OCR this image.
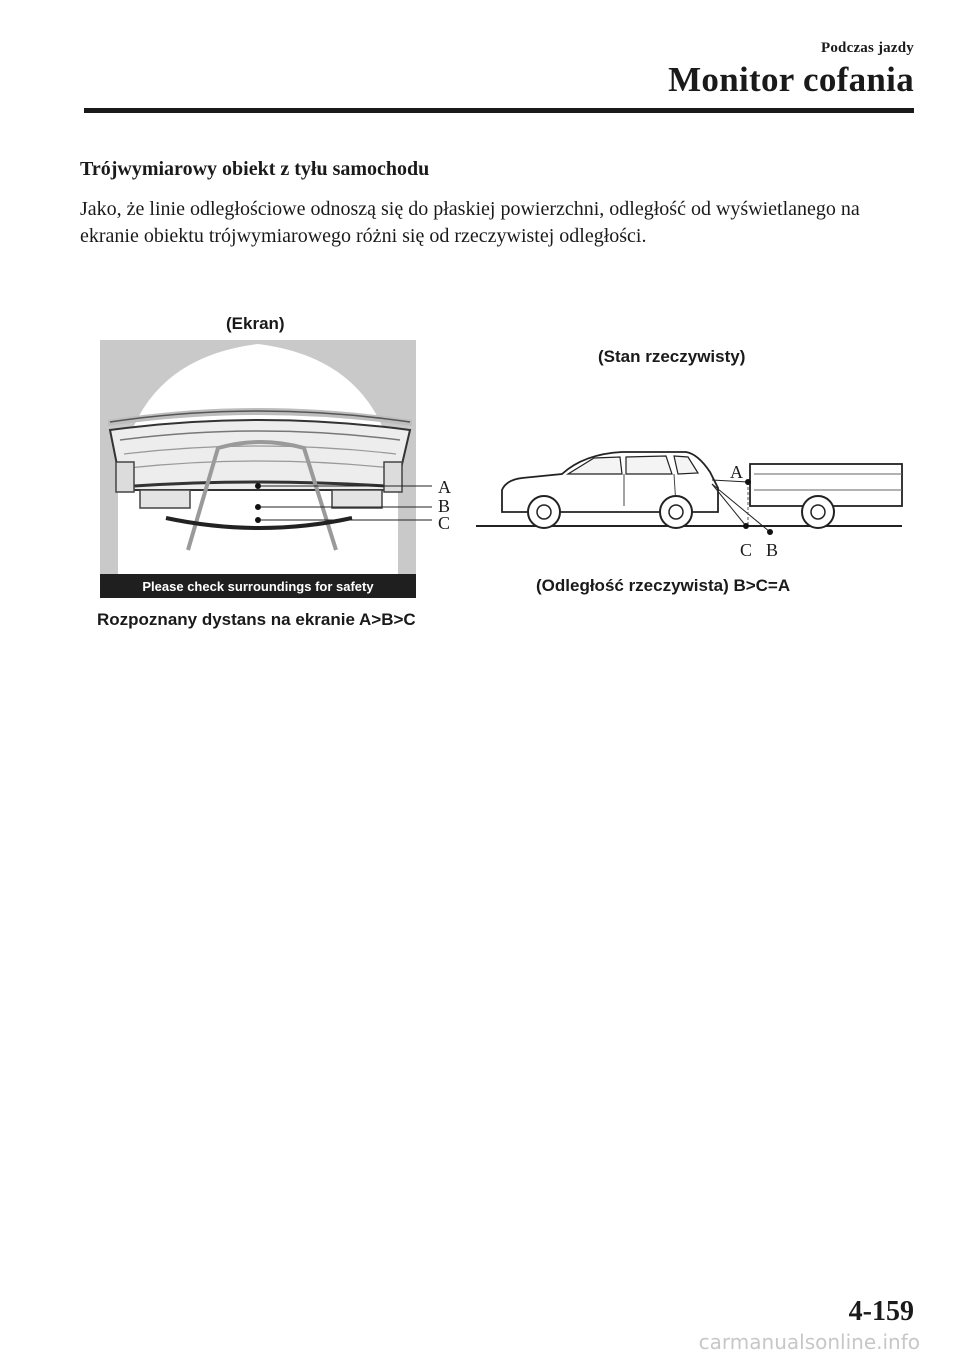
Podczas jazdy
Monitor cofania
Trójwymiarowy obiekt z tyłu samochodu

Jako, że linie odległościowe odnoszą się do płaskiej powierzchni, odległość od wyświetlanego na ekranie obiektu trójwymiarowego różni się od rzeczywistej odległości.

(Ekran)
(Stan rzeczywisty)
Please check surroundings for safety
A
B
C
Rozpoznany dystans na ekranie A>B>C
A
C B
(Odległość rzeczywista) B>C=A
4-159
carmanualsonline.info
